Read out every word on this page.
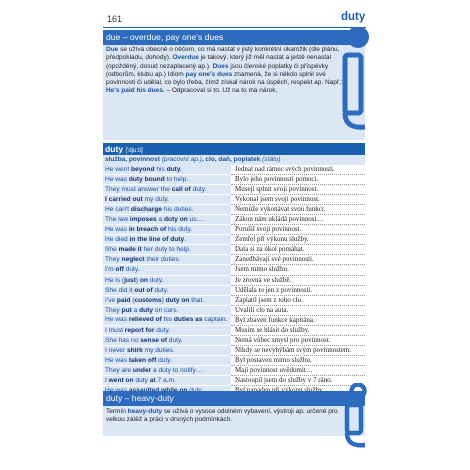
161	duty
due – overdue, pay one's dues
Due se užívá obecně o něčem, co má nastat v jistý konkrétní okamžik (dle plánu, předpokladu, dohody). Overdue je takový, který již měl nastat a ještě nenastal (opožděný, dosud nezaplacený ap.). Dues jsou členské poplatky či příspěvky (odborům, klubu ap.) Idiom pay one's dues znamená, že si někdo splnil své povinnosti či udělal, co bylo třeba, čímž získal nárok na úspěch, respekt ap. Např.: He's paid his dues. – Odpracoval si to. Už na to má nárok.
duty ['dju:ti]
služba, povinnost (pracovní ap.), clo, daň, poplatek (státu)
He went beyond his duty.	Jednal nad rámec svých povinností.
He was duty bound to help.	Bylo jeho povinností pomoci.
They must answer the call of duty.	Musejí splnit svoji povinnost.
I carried out my duty.	Vykonal jsem svoji povinnost.
He can't discharge his duties.	Nemůže vykonávat svou funkci.
The law imposes a duty on us…	Zákon nám ukládá povinnost…
He was in breach of his duty.	Porušil svoji povinnost.
He died in the line of duty.	Zemřel při výkonu služby.
She made it her duty to help.	Dala si za úkol pomáhat.
They neglect their duties.	Zanedbávají své povinnosti.
I'm off duty.	Jsem mimo službu.
He is (just) on duty.	Je zrovna ve službě.
She did it out of duty.	Udělala to jen z povinnosti.
I've paid (customs) duty on that.	Zaplatil jsem z toho clo.
They put a duty on cars.	Uvalili clo na auta.
He was relieved of his duties as captain.	Byl zbaven funkce kapitána.
I must report for duty.	Musím se hlásit do služby.
She has no sense of duty.	Nemá vůbec smysl pro povinnost.
I never shirk my duties.	Nikdy se nevyhýbám svým povinnostem.
He was taken off duty.	Byl postaven mimo službu.
They are under a duty to notify…	Mají povinnost uvědomit…
I went on duty at 7 a.m.	Nastoupil jsem do služby v 7 ráno.
duty – heavy-duty
Termín heavy-duty se užívá o vysoce odolném vybavení, výstroji ap. určené pro velkou zátěž a práci v drsných podmínkách.
